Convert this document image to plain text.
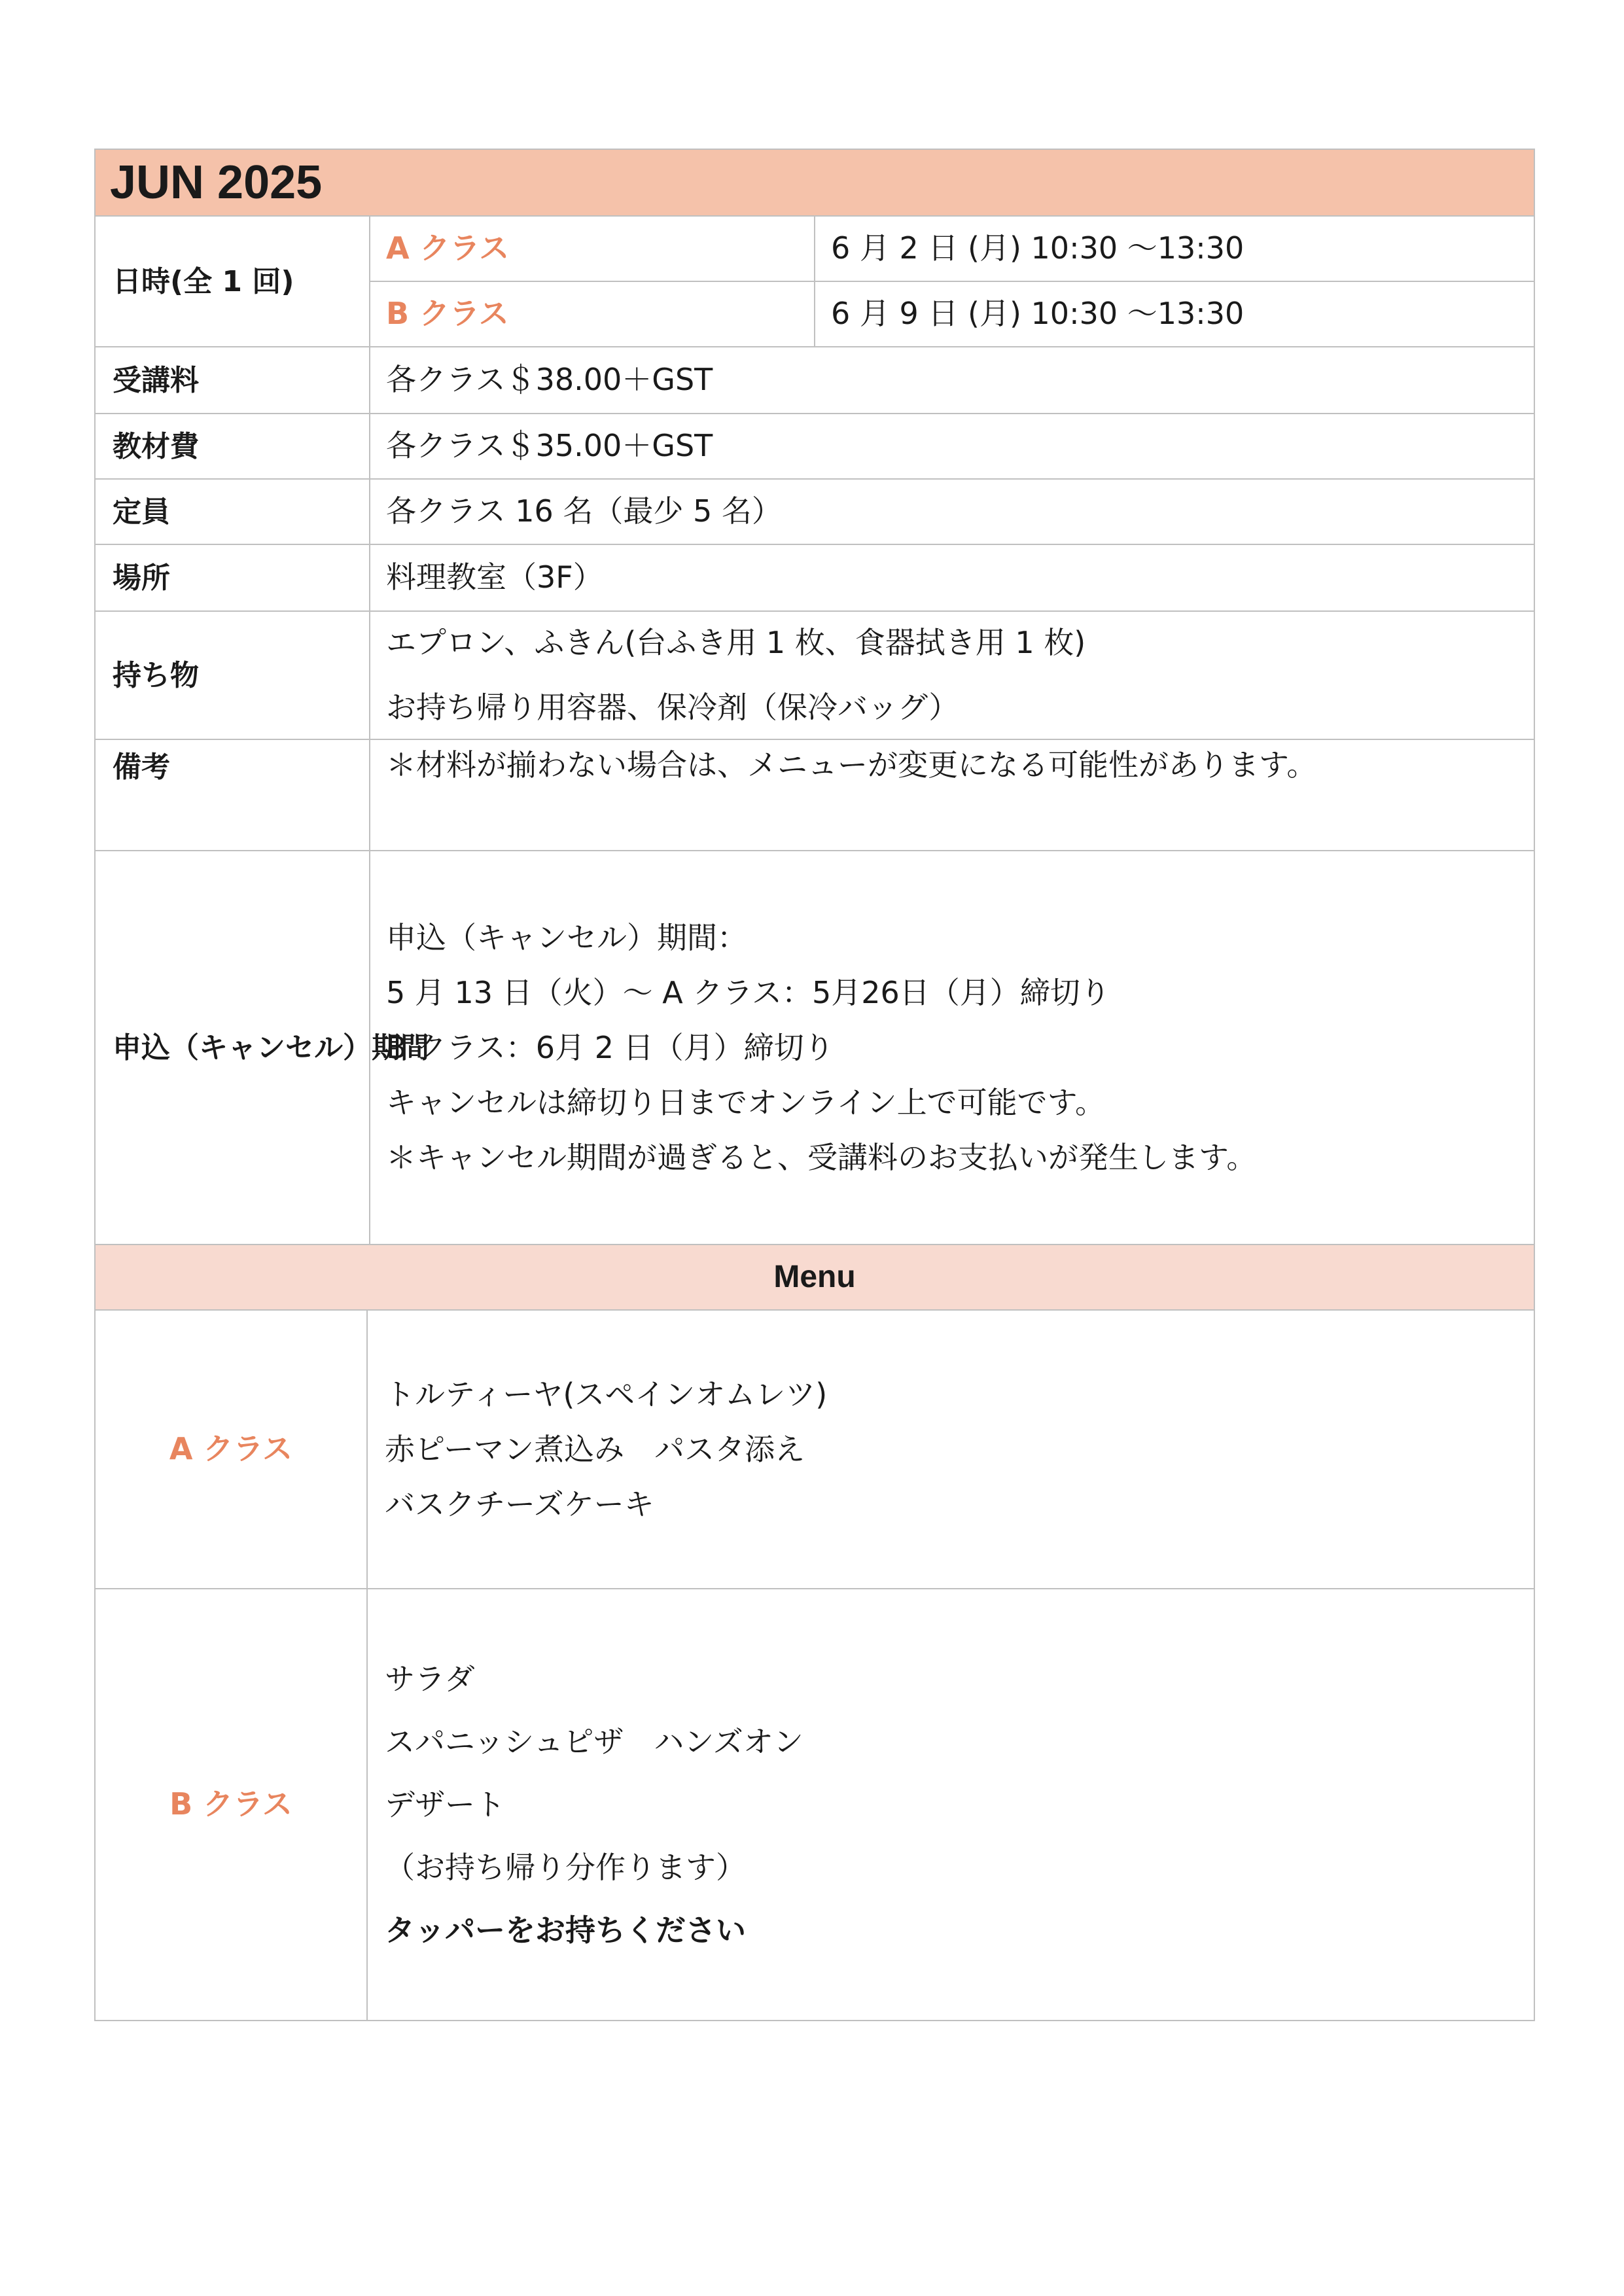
JUN 2025		
日時(全 1 回)	A クラス	6 月 2 日 (月) 10:30 〜13:30
	B クラス	6 月 9 日 (月) 10:30 〜13:30
受講料	各クラス＄38.00＋GST	
教材費	各クラス＄35.00＋GST	
定員	各クラス 16 名（最少 5 名）	
場所	料理教室（3F）	
持ち物	エプロン、ふきん(台ふき用 1 枚、食器拭き用 1 枚)
お持ち帰り用容器、保冷剤（保冷バッグ）	

備考	＊材料が揃わない場合は、メニューが変更になる可能性があります。	
申込（キャンセル）期間	申込（キャンセル）期間：
5 月 13 日（火）〜 A クラス：5月26日（月）締切り
B クラス：6月 2 日（月）締切り
キャンセルは締切り日までオンライン上で可能です。
＊キャンセル期間が過ぎると、受講料のお支払いが発生します。	
Menu	
A クラス	トルティーヤ(スペインオムレツ)
赤ピーマン煮込み　パスタ添え
バスクチーズケーキ

B クラス	サラダ
スパニッシュピザ　ハンズオン
デザート
（お持ち帰り分作ります）
タッパーをお持ちください
